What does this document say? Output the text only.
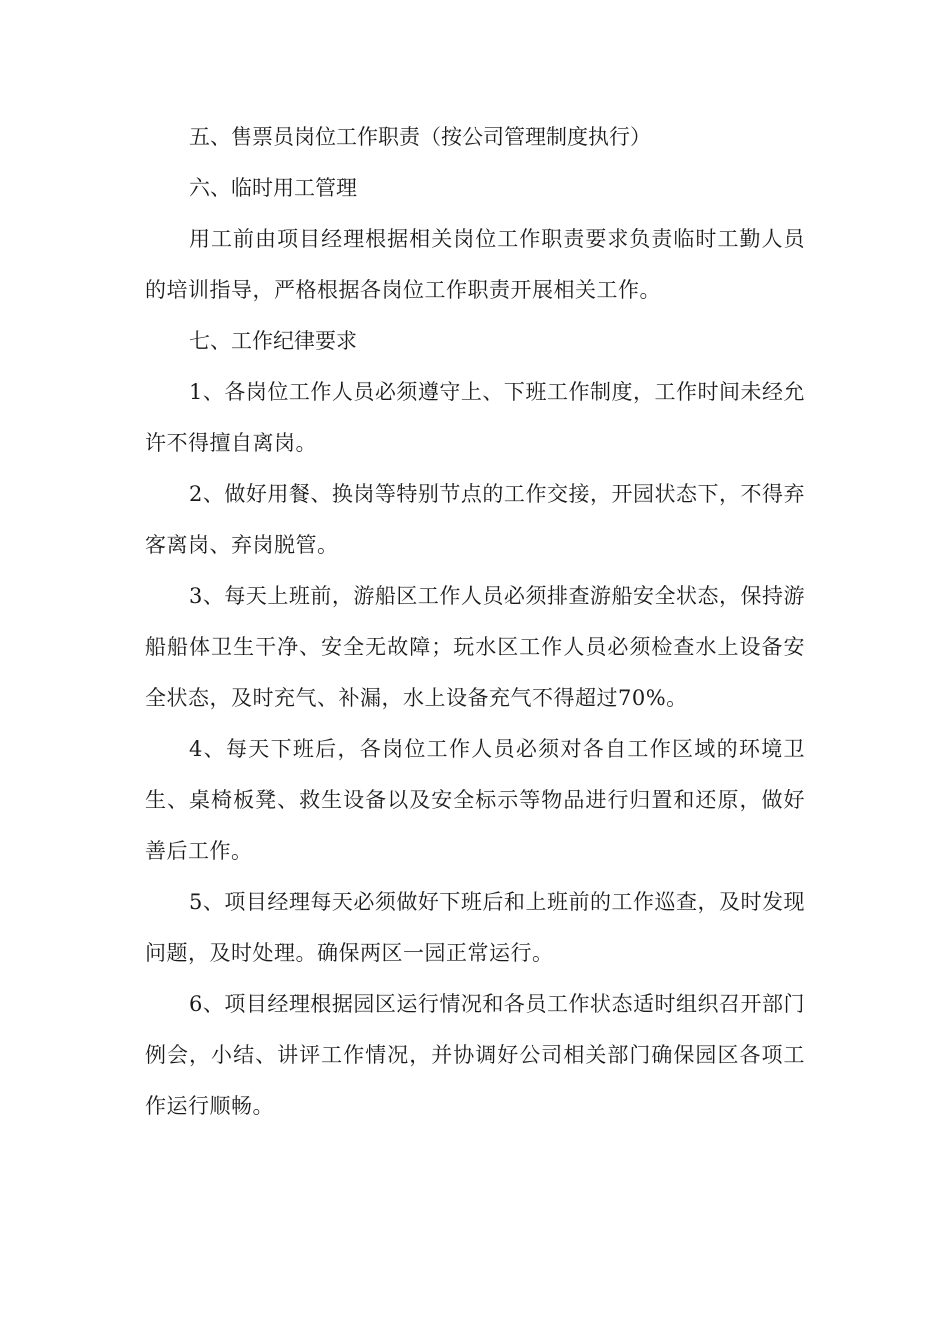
五、售票员岗位工作职责（按公司管理制度执行）

六、临时用工管理

用工前由项目经理根据相关岗位工作职责要求负责临时工勤人员的培训指导，严格根据各岗位工作职责开展相关工作。

七、工作纪律要求

1、各岗位工作人员必须遵守上、下班工作制度，工作时间未经允许不得擅自离岗。

2、做好用餐、换岗等特别节点的工作交接，开园状态下，不得弃客离岗、弃岗脱管。

3、每天上班前，游船区工作人员必须排查游船安全状态，保持游船船体卫生干净、安全无故障；玩水区工作人员必须检查水上设备安全状态，及时充气、补漏，水上设备充气不得超过70%。

4、每天下班后，各岗位工作人员必须对各自工作区域的环境卫生、桌椅板凳、救生设备以及安全标示等物品进行归置和还原，做好善后工作。

5、项目经理每天必须做好下班后和上班前的工作巡查，及时发现问题，及时处理。确保两区一园正常运行。

6、项目经理根据园区运行情况和各员工作状态适时组织召开部门例会，小结、讲评工作情况，并协调好公司相关部门确保园区各项工作运行顺畅。
